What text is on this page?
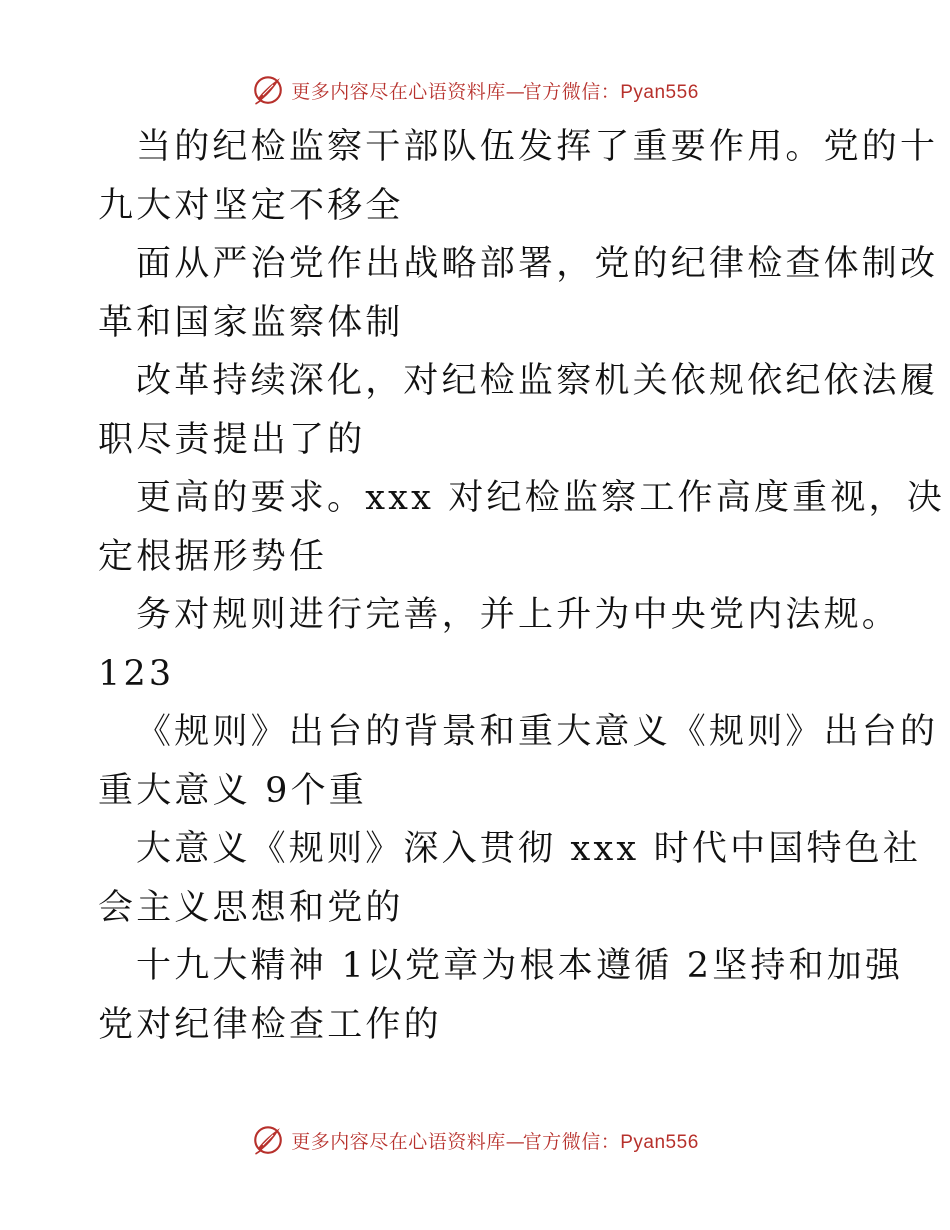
更多内容尽在心语资料库—官方微信：Pyan556
当的纪检监察干部队伍发挥了重要作用。党的十
九大对坚定不移全
面从严治党作出战略部署，党的纪律检查体制改
革和国家监察体制
改革持续深化，对纪检监察机关依规依纪依法履
职尽责提出了的
更高的要求。xxx 对纪检监察工作高度重视，决
定根据形势任
务对规则进行完善，并上升为中央党内法规。
123
《规则》出台的背景和重大意义《规则》出台的
重大意义 9个重
大意义《规则》深入贯彻 xxx 时代中国特色社
会主义思想和党的
十九大精神 1以党章为根本遵循 2坚持和加强
党对纪律检查工作的
更多内容尽在心语资料库—官方微信：Pyan556
